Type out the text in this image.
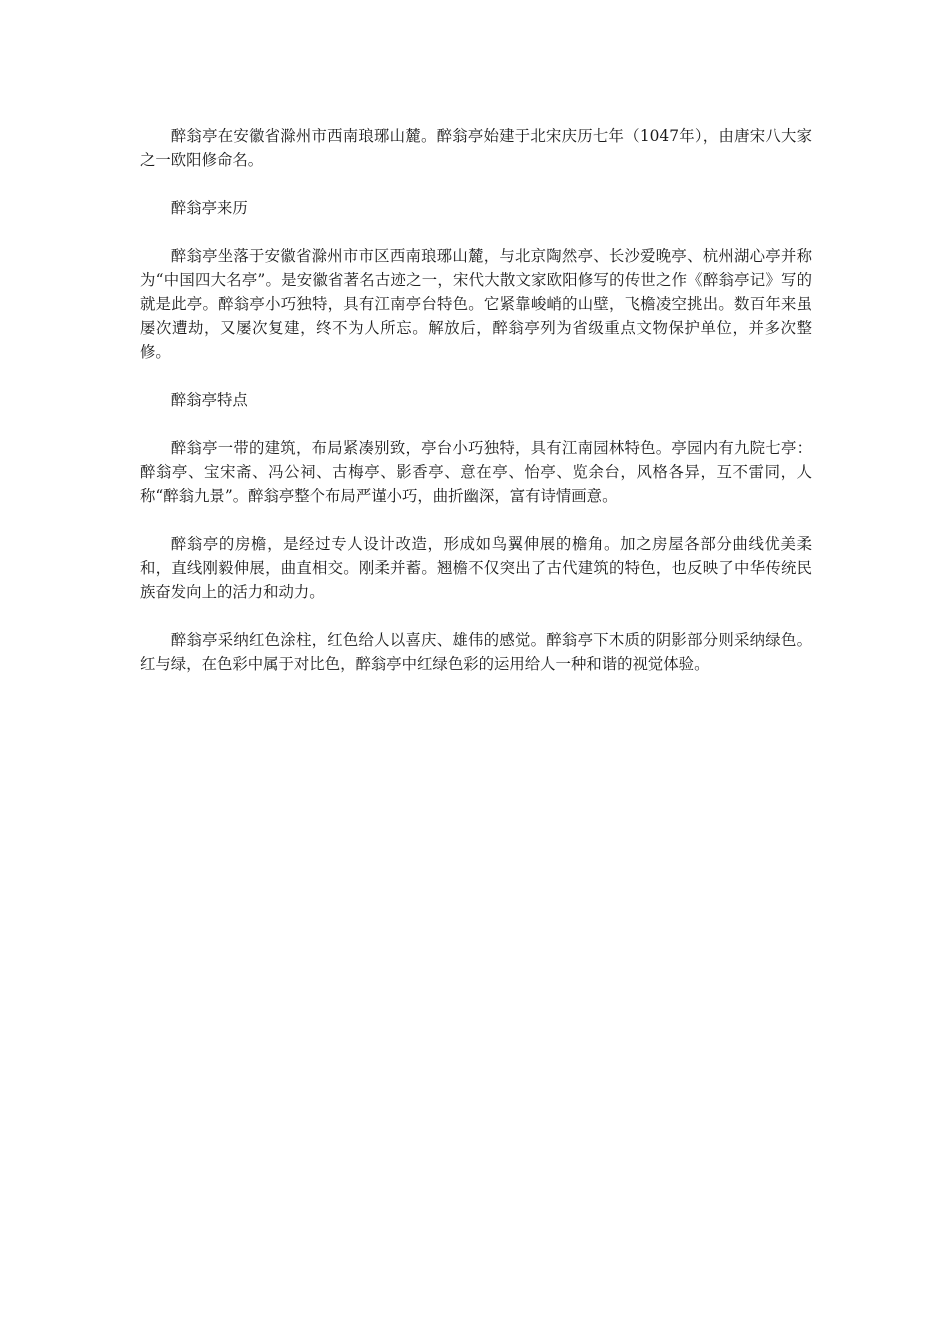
醉翁亭在安徽省滁州市西南琅琊山麓。醉翁亭始建于北宋庆历七年（1047年），由唐宋八大家之一欧阳修命名。

醉翁亭来历

醉翁亭坐落于安徽省滁州市市区西南琅琊山麓，与北京陶然亭、长沙爱晚亭、杭州湖心亭并称为“中国四大名亭”。是安徽省著名古迹之一，宋代大散文家欧阳修写的传世之作《醉翁亭记》写的就是此亭。醉翁亭小巧独特，具有江南亭台特色。它紧靠峻峭的山壁，飞檐凌空挑出。数百年来虽屡次遭劫，又屡次复建，终不为人所忘。解放后，醉翁亭列为省级重点文物保护单位，并多次整修。

醉翁亭特点

醉翁亭一带的建筑，布局紧凑别致，亭台小巧独特，具有江南园林特色。亭园内有九院七亭：醉翁亭、宝宋斋、冯公祠、古梅亭、影香亭、意在亭、怡亭、览余台，风格各异，互不雷同，人称“醉翁九景”。醉翁亭整个布局严谨小巧，曲折幽深，富有诗情画意。

醉翁亭的房檐，是经过专人设计改造，形成如鸟翼伸展的檐角。加之房屋各部分曲线优美柔和，直线刚毅伸展，曲直相交。刚柔并蓄。翘檐不仅突出了古代建筑的特色，也反映了中华传统民族奋发向上的活力和动力。

醉翁亭采纳红色涂柱，红色给人以喜庆、雄伟的感觉。醉翁亭下木质的阴影部分则采纳绿色。红与绿，在色彩中属于对比色，醉翁亭中红绿色彩的运用给人一种和谐的视觉体验。
